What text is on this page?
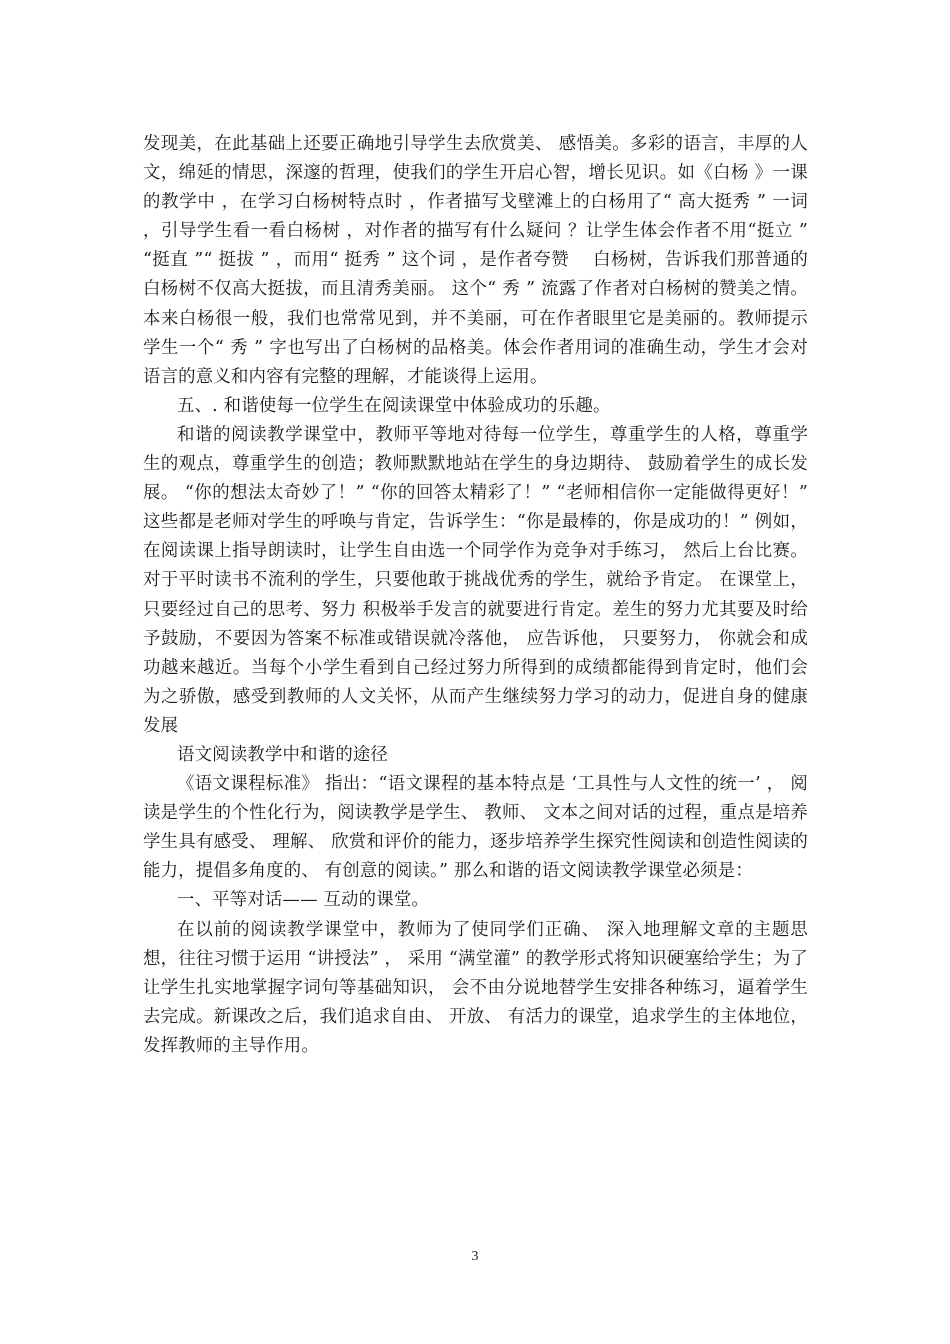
发现美，在此基础上还要正确地引导学生去欣赏美、 感悟美。多彩的语言，丰厚的人文，绵延的情思，深邃的哲理，使我们的学生开启心智，增长见识。如《白杨 》一课的教学中 ，在学习白杨树特点时 ，作者描写戈壁滩上的白杨用了“ 高大挺秀 ” 一词 ，引导学生看一看白杨树 ，对作者的描写有什么疑问 ？让学生体会作者不用“挺立 ” “挺直 ”“ 挺拔 ” ，而用“ 挺秀 ” 这个词 ，是作者夸赞　 白杨树，告诉我们那普通的白杨树不仅高大挺拔，而且清秀美丽。 这个“ 秀 ” 流露了作者对白杨树的赞美之情。本来白杨很一般，我们也常常见到，并不美丽，可在作者眼里它是美丽的。教师提示学生一个“ 秀 ” 字也写出了白杨树的品格美。体会作者用词的准确生动，学生才会对语言的意义和内容有完整的理解，才能谈得上运用。

五、. 和谐使每一位学生在阅读课堂中体验成功的乐趣。

和谐的阅读教学课堂中，教师平等地对待每一位学生，尊重学生的人格，尊重学生的观点，尊重学生的创造；教师默默地站在学生的身边期待、 鼓励着学生的成长发展。 “你的想法太奇妙了！” “你的回答太精彩了！” “老师相信你一定能做得更好！” 这些都是老师对学生的呼唤与肯定，告诉学生：“你是最棒的，你是成功的！” 例如，在阅读课上指导朗读时，让学生自由选一个同学作为竞争对手练习， 然后上台比赛。 对于平时读书不流利的学生，只要他敢于挑战优秀的学生，就给予肯定。 在课堂上，只要经过自己的思考、努力 积极举手发言的就要进行肯定。差生的努力尤其要及时给予鼓励，不要因为答案不标准或错误就冷落他， 应告诉他， 只要努力， 你就会和成功越来越近。当每个小学生看到自己经过努力所得到的成绩都能得到肯定时，他们会为之骄傲，感受到教师的人文关怀，从而产生继续努力学习的动力，促进自身的健康发展

语文阅读教学中和谐的途径

《语文课程标准》 指出：“语文课程的基本特点是 ‘工具性与人文性的统一’ ， 阅读是学生的个性化行为，阅读教学是学生、 教师、 文本之间对话的过程，重点是培养学生具有感受、 理解、 欣赏和评价的能力，逐步培养学生探究性阅读和创造性阅读的能力，提倡多角度的、 有创意的阅读。” 那么和谐的语文阅读教学课堂必须是：

一、平等对话—— 互动的课堂。

在以前的阅读教学课堂中，教师为了使同学们正确、 深入地理解文章的主题思想，往往习惯于运用 “讲授法” ， 采用 “满堂灌” 的教学形式将知识硬塞给学生；为了让学生扎实地掌握字词句等基础知识， 会不由分说地替学生安排各种练习，逼着学生去完成。新课改之后，我们追求自由、 开放、 有活力的课堂，追求学生的主体地位，发挥教师的主导作用。

3
